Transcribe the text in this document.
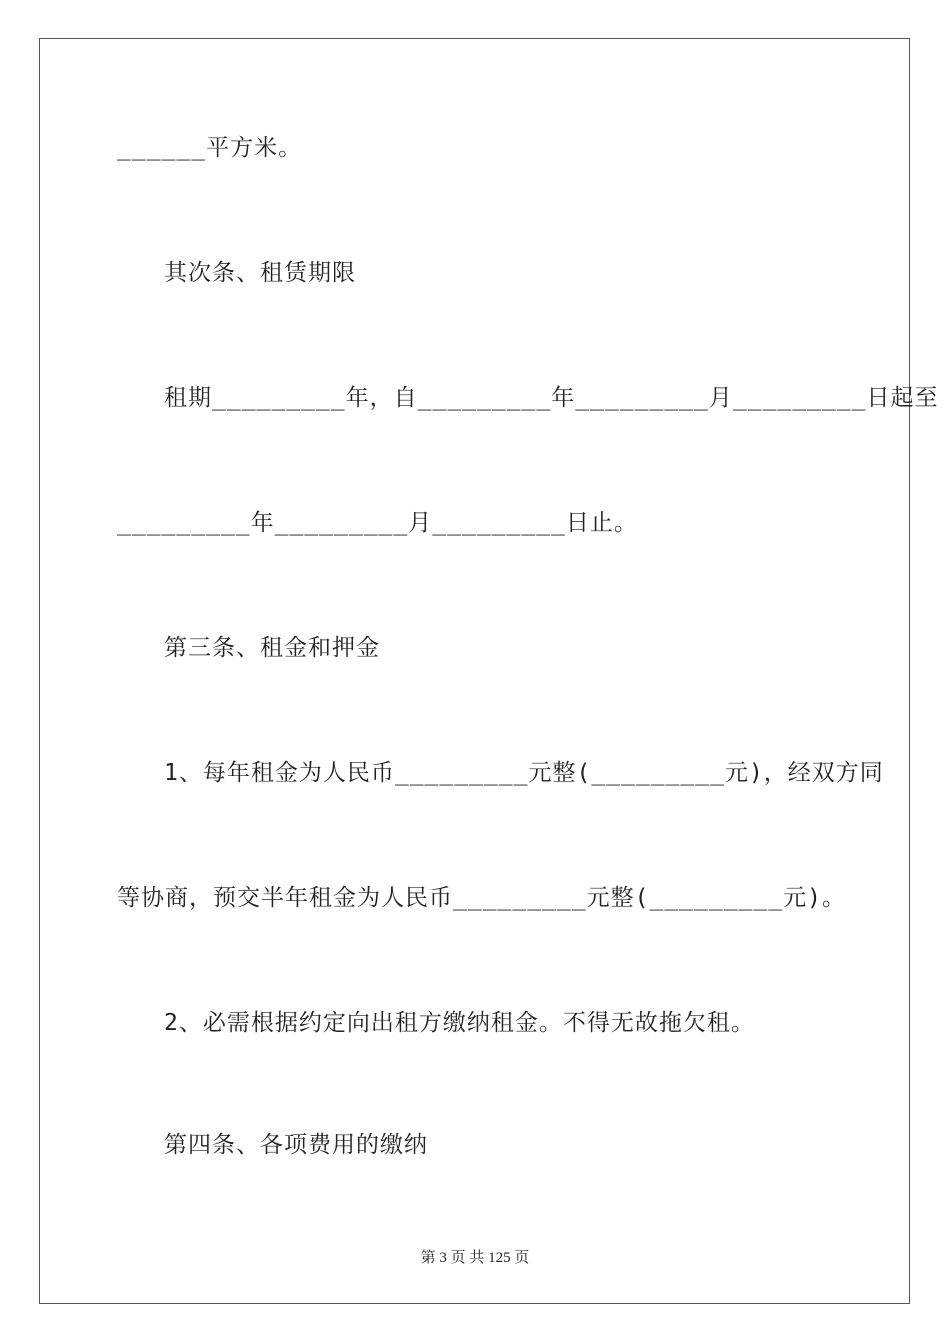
______平方米。
其次条、租赁期限
租期_________年，自_________年_________月_________日起至
_________年_________月_________日止。
第三条、租金和押金
1、每年租金为人民币_________元整(_________元)，经双方同
等协商，预交半年租金为人民币_________元整(_________元)。
2、必需根据约定向出租方缴纳租金。不得无故拖欠租。
第四条、各项费用的缴纳
第 3 页 共 125 页
